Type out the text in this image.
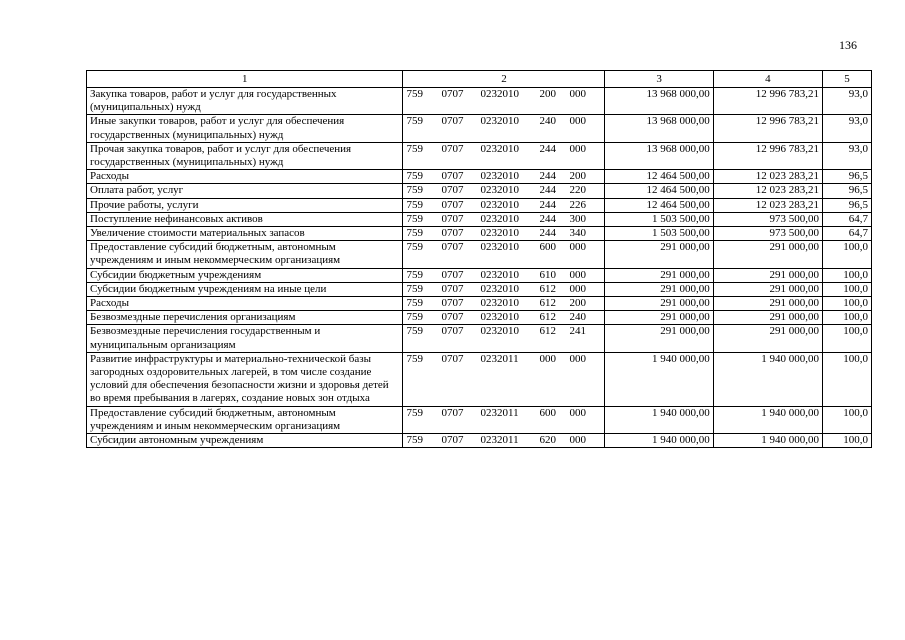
136
1	2	3	4	5
Закупка товаров, работ и услуг для государственных (муниципальных) нужд	759 0707 0232010 200 000	13 968 000,00	12 996 783,21	93,0
Иные закупки товаров, работ и услуг для обеспечения государственных (муниципальных) нужд	759 0707 0232010 240 000	13 968 000,00	12 996 783,21	93,0
Прочая закупка товаров, работ и услуг для обеспечения государственных (муниципальных) нужд	759 0707 0232010 244 000	13 968 000,00	12 996 783,21	93,0
Расходы	759 0707 0232010 244 200	12 464 500,00	12 023 283,21	96,5
Оплата работ, услуг	759 0707 0232010 244 220	12 464 500,00	12 023 283,21	96,5
Прочие работы, услуги	759 0707 0232010 244 226	12 464 500,00	12 023 283,21	96,5
Поступление нефинансовых активов	759 0707 0232010 244 300	1 503 500,00	973 500,00	64,7
Увеличение стоимости материальных запасов	759 0707 0232010 244 340	1 503 500,00	973 500,00	64,7
Предоставление субсидий бюджетным, автономным учреждениям и иным некоммерческим организациям	759 0707 0232010 600 000	291 000,00	291 000,00	100,0
Субсидии бюджетным учреждениям	759 0707 0232010 610 000	291 000,00	291 000,00	100,0
Субсидии бюджетным учреждениям на иные цели	759 0707 0232010 612 000	291 000,00	291 000,00	100,0
Расходы	759 0707 0232010 612 200	291 000,00	291 000,00	100,0
Безвозмездные перечисления организациям	759 0707 0232010 612 240	291 000,00	291 000,00	100,0
Безвозмездные перечисления государственным и муниципальным организациям	759 0707 0232010 612 241	291 000,00	291 000,00	100,0
Развитие инфраструктуры и материально-технической базы загородных оздоровительных лагерей, в том числе создание условий для обеспечения безопасности жизни и здоровья детей во время пребывания в лагерях, создание новых зон отдыха	759 0707 0232011 000 000	1 940 000,00	1 940 000,00	100,0
Предоставление субсидий бюджетным, автономным учреждениям и иным некоммерческим организациям	759 0707 0232011 600 000	1 940 000,00	1 940 000,00	100,0
Субсидии автономным учреждениям	759 0707 0232011 620 000	1 940 000,00	1 940 000,00	100,0
